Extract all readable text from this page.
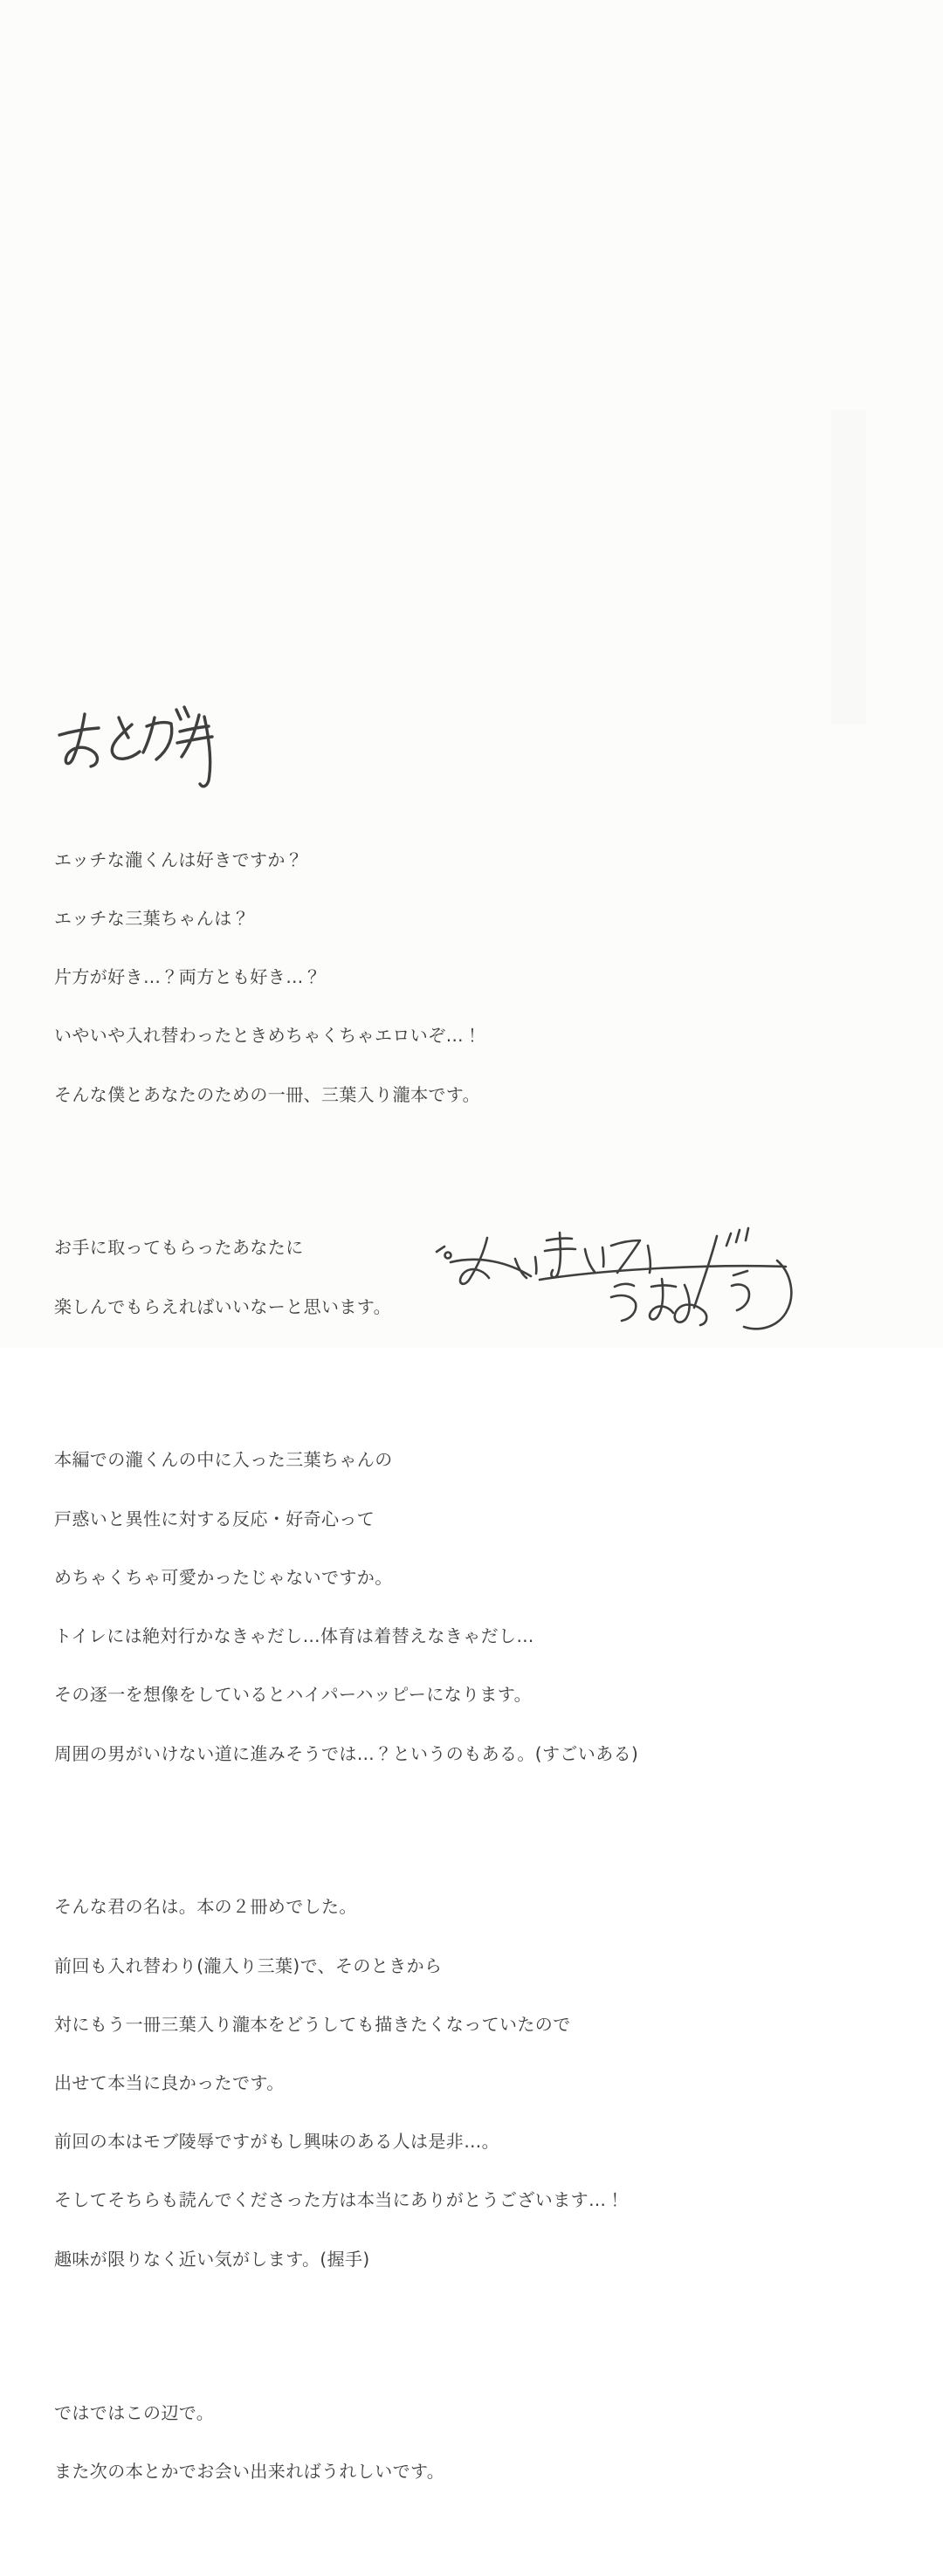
エッチな瀧くんは好きですか？

エッチな三葉ちゃんは？

片方が好き…？両方とも好き…？

いやいや入れ替わったときめちゃくちゃエロいぞ…！

そんな僕とあなたのための一冊、三葉入り瀧本です。

お手に取ってもらったあなたに

楽しんでもらえればいいなーと思います。

本編での瀧くんの中に入った三葉ちゃんの

戸惑いと異性に対する反応・好奇心って

めちゃくちゃ可愛かったじゃないですか。

トイレには絶対行かなきゃだし…体育は着替えなきゃだし…

その逐一を想像をしているとハイパーハッピーになります。

周囲の男がいけない道に進みそうでは…？というのもある。(すごいある)

そんな君の名は。本の２冊めでした。

前回も入れ替わり(瀧入り三葉)で、そのときから

対にもう一冊三葉入り瀧本をどうしても描きたくなっていたので

出せて本当に良かったです。

前回の本はモブ陵辱ですがもし興味のある人は是非…。

そしてそちらも読んでくださった方は本当にありがとうございます…！

趣味が限りなく近い気がします。(握手)

ではではこの辺で。

また次の本とかでお会い出来ればうれしいです。
